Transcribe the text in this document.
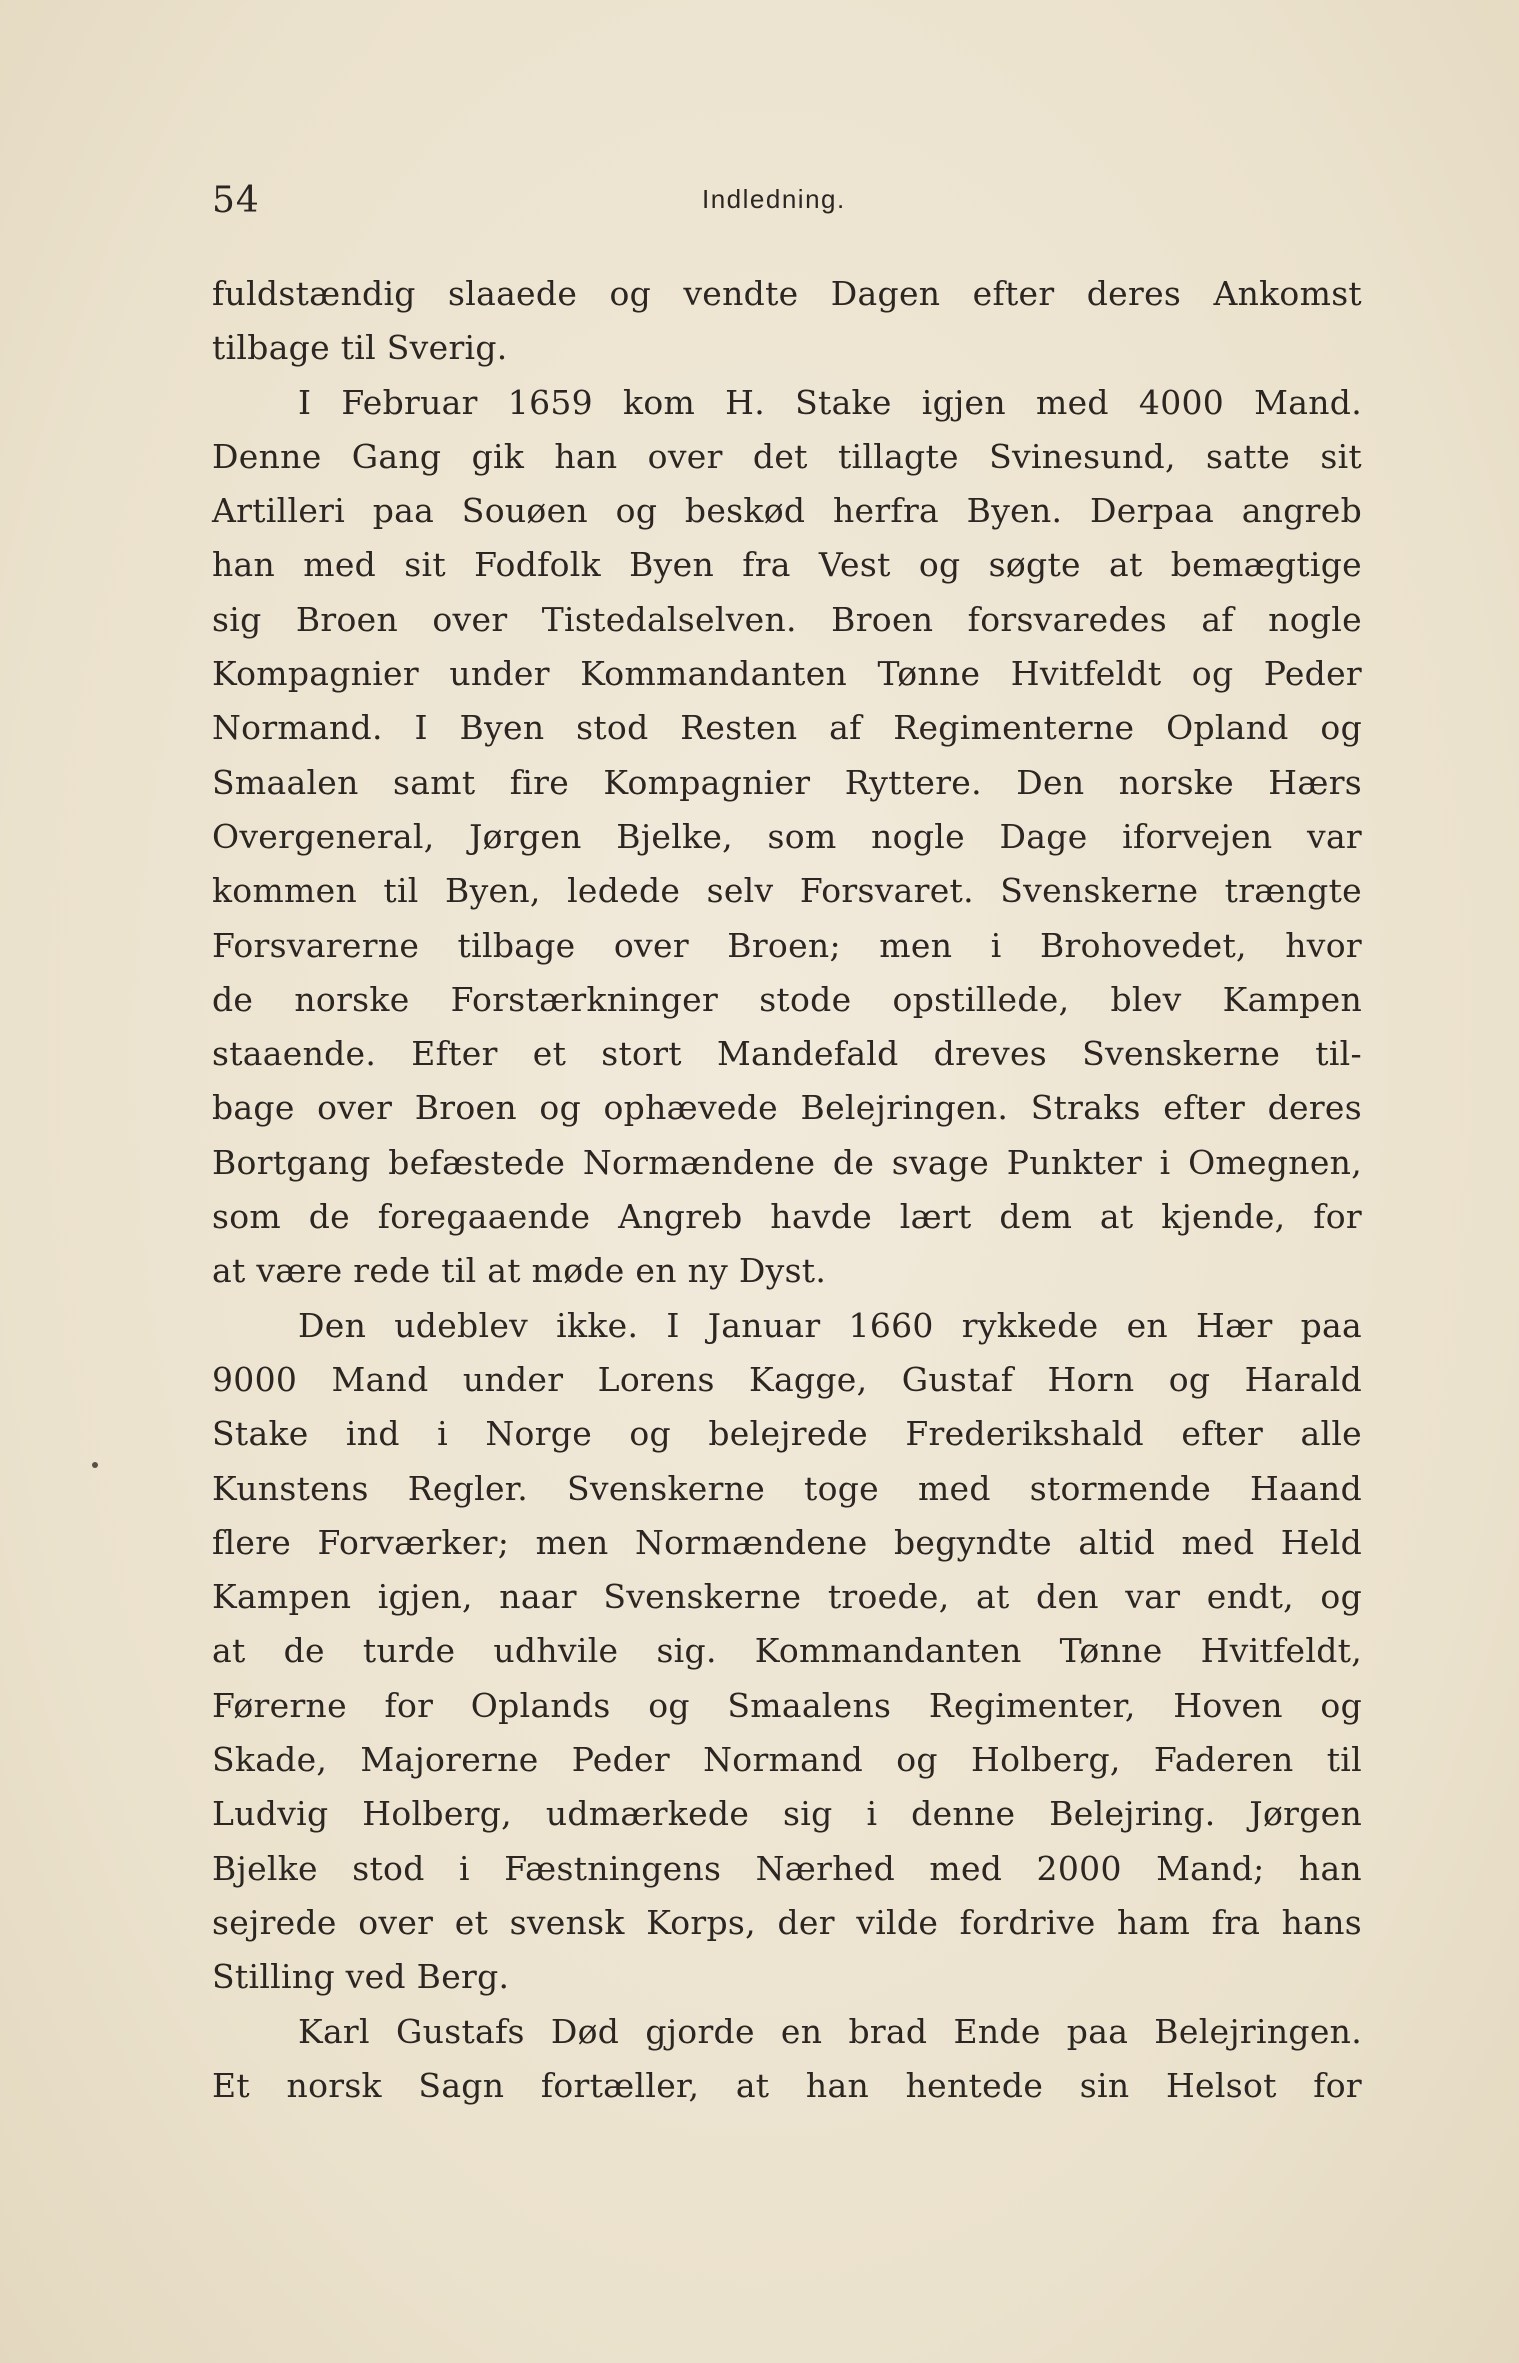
54	Indledning.
fuldstændig slaaede og vendte Dagen efter deres Ankomst
tilbage til Sverig.
I Februar 1659 kom H. Stake igjen med 4000 Mand.
Denne Gang gik han over det tillagte Svinesund, satte sit
Artilleri paa Souøen og beskød herfra Byen. Derpaa angreb
han med sit Fodfolk Byen fra Vest og søgte at bemægtige
sig Broen over Tistedalselven. Broen forsvaredes af nogle
Kompagnier under Kommandanten Tønne Hvitfeldt og Peder
Normand. I Byen stod Resten af Regimenterne Opland og
Smaalen samt fire Kompagnier Ryttere. Den norske Hærs
Overgeneral, Jørgen Bjelke, som nogle Dage iforvejen var
kommen til Byen, ledede selv Forsvaret. Svenskerne trængte
Forsvarerne tilbage over Broen; men i Brohovedet, hvor
de norske Forstærkninger stode opstillede, blev Kampen
staaende. Efter et stort Mandefald dreves Svenskerne til-
bage over Broen og ophævede Belejringen. Straks efter deres
Bortgang befæstede Normændene de svage Punkter i Omegnen,
som de foregaaende Angreb havde lært dem at kjende, for
at være rede til at møde en ny Dyst.
Den udeblev ikke. I Januar 1660 rykkede en Hær paa
9000 Mand under Lorens Kagge, Gustaf Horn og Harald
Stake ind i Norge og belejrede Frederikshald efter alle
Kunstens Regler. Svenskerne toge med stormende Haand
flere Forværker; men Normændene begyndte altid med Held
Kampen igjen, naar Svenskerne troede, at den var endt, og
at de turde udhvile sig. Kommandanten Tønne Hvitfeldt,
Førerne for Oplands og Smaalens Regimenter, Hoven og
Skade, Majorerne Peder Normand og Holberg, Faderen til
Ludvig Holberg, udmærkede sig i denne Belejring. Jørgen
Bjelke stod i Fæstningens Nærhed med 2000 Mand; han
sejrede over et svensk Korps, der vilde fordrive ham fra hans
Stilling ved Berg.
Karl Gustafs Død gjorde en brad Ende paa Belejringen.
Et norsk Sagn fortæller, at han hentede sin Helsot for
